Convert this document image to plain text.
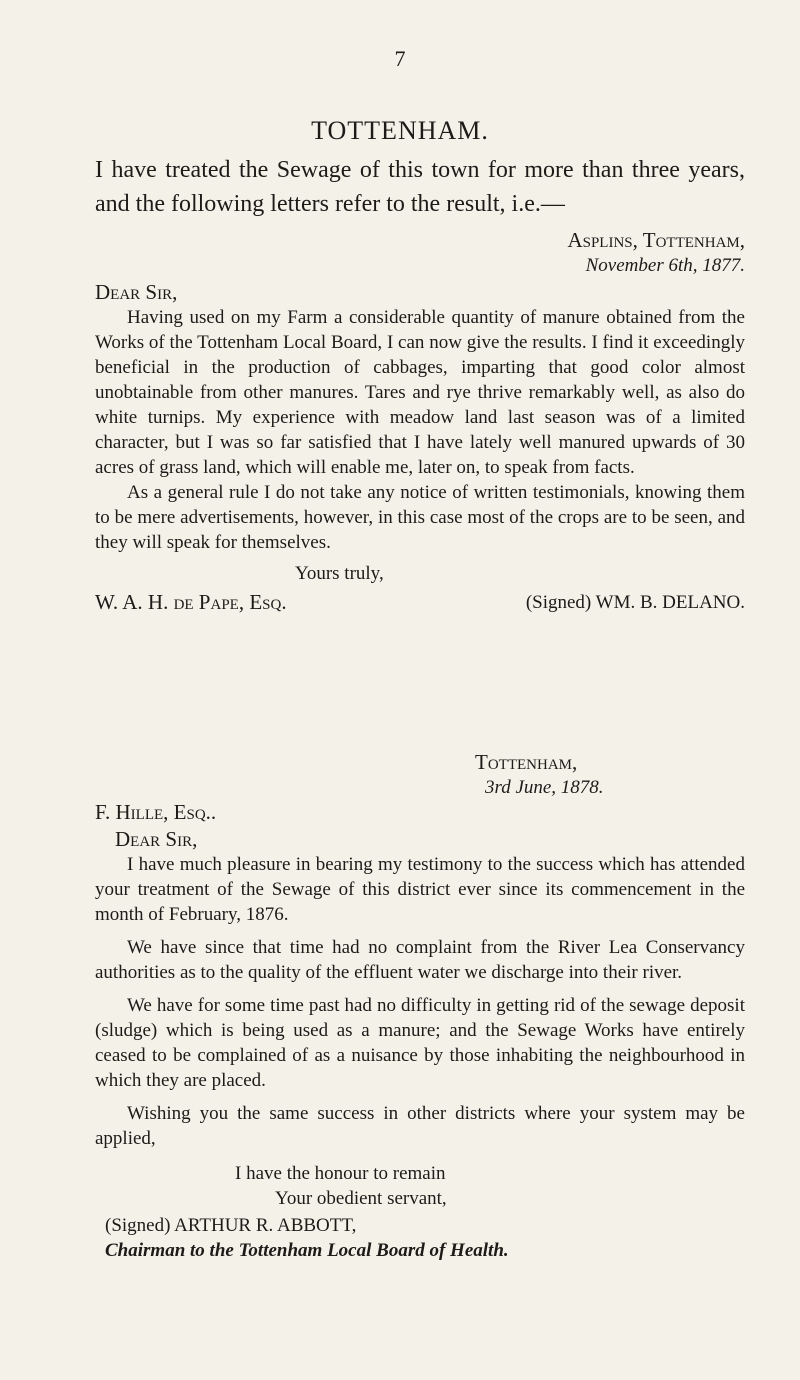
7
TOTTENHAM.

I have treated the Sewage of this town for more than three years, and the following letters refer to the result, i.e.—

Asplins, Tottenham,
November 6th, 1877.
Dear Sir,

Having used on my Farm a considerable quantity of manure obtained from the Works of the Tottenham Local Board, I can now give the results. I find it exceedingly beneficial in the production of cabbages, imparting that good color almost unobtainable from other manures. Tares and rye thrive remarkably well, as also do white turnips. My experience with meadow land last season was of a limited character, but I was so far satisfied that I have lately well manured upwards of 30 acres of grass land, which will enable me, later on, to speak from facts.

As a general rule I do not take any notice of written testimonials, knowing them to be mere advertisements, however, in this case most of the crops are to be seen, and they will speak for themselves.

Yours truly,
W. A. H. de Pape, Esq.	(Signed) WM. B. DELANO.
Tottenham,
3rd June, 1878.
F. Hille, Esq..
Dear Sir,

I have much pleasure in bearing my testimony to the success which has attended your treatment of the Sewage of this district ever since its commencement in the month of February, 1876.

We have since that time had no complaint from the River Lea Conservancy authorities as to the quality of the effluent water we discharge into their river.

We have for some time past had no difficulty in getting rid of the sewage deposit (sludge) which is being used as a manure; and the Sewage Works have entirely ceased to be complained of as a nuisance by those inhabiting the neighbourhood in which they are placed.

Wishing you the same success in other districts where your system may be applied,

I have the honour to remain
Your obedient servant,
(Signed) ARTHUR R. ABBOTT,
Chairman to the Tottenham Local Board of Health.
